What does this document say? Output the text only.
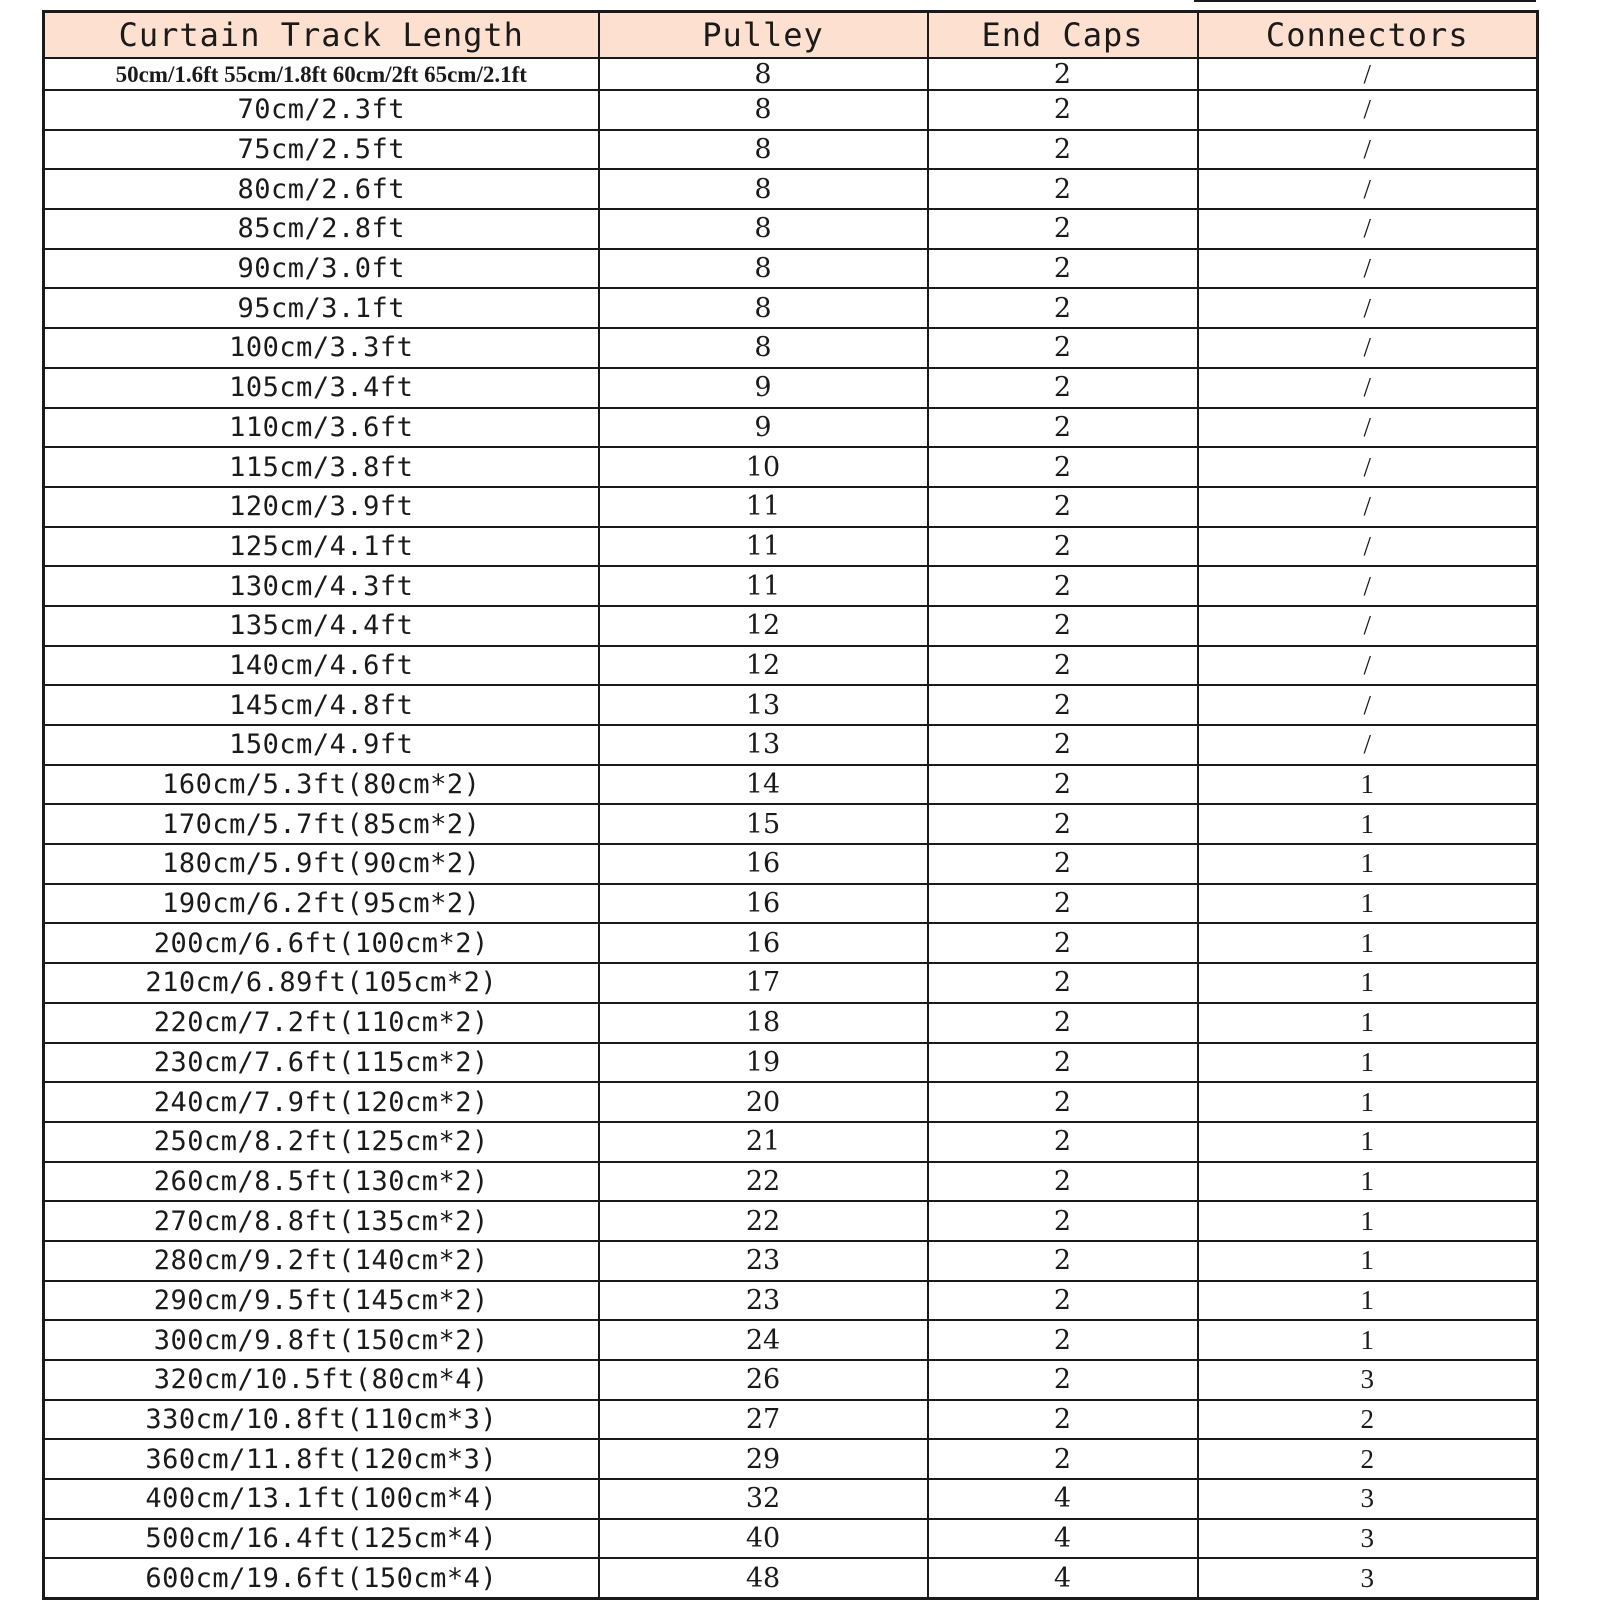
Curtain Track Length	Pulley	End Caps	Connectors
50cm/1.6ft 55cm/1.8ft 60cm/2ft 65cm/2.1ft	8	2	/
70cm/2.3ft	8	2	/
75cm/2.5ft	8	2	/
80cm/2.6ft	8	2	/
85cm/2.8ft	8	2	/
90cm/3.0ft	8	2	/
95cm/3.1ft	8	2	/
100cm/3.3ft	8	2	/
105cm/3.4ft	9	2	/
110cm/3.6ft	9	2	/
115cm/3.8ft	10	2	/
120cm/3.9ft	11	2	/
125cm/4.1ft	11	2	/
130cm/4.3ft	11	2	/
135cm/4.4ft	12	2	/
140cm/4.6ft	12	2	/
145cm/4.8ft	13	2	/
150cm/4.9ft	13	2	/
160cm/5.3ft(80cm*2)	14	2	1
170cm/5.7ft(85cm*2)	15	2	1
180cm/5.9ft(90cm*2)	16	2	1
190cm/6.2ft(95cm*2)	16	2	1
200cm/6.6ft(100cm*2)	16	2	1
210cm/6.89ft(105cm*2)	17	2	1
220cm/7.2ft(110cm*2)	18	2	1
230cm/7.6ft(115cm*2)	19	2	1
240cm/7.9ft(120cm*2)	20	2	1
250cm/8.2ft(125cm*2)	21	2	1
260cm/8.5ft(130cm*2)	22	2	1
270cm/8.8ft(135cm*2)	22	2	1
280cm/9.2ft(140cm*2)	23	2	1
290cm/9.5ft(145cm*2)	23	2	1
300cm/9.8ft(150cm*2)	24	2	1
320cm/10.5ft(80cm*4)	26	2	3
330cm/10.8ft(110cm*3)	27	2	2
360cm/11.8ft(120cm*3)	29	2	2
400cm/13.1ft(100cm*4)	32	4	3
500cm/16.4ft(125cm*4)	40	4	3
600cm/19.6ft(150cm*4)	48	4	3
